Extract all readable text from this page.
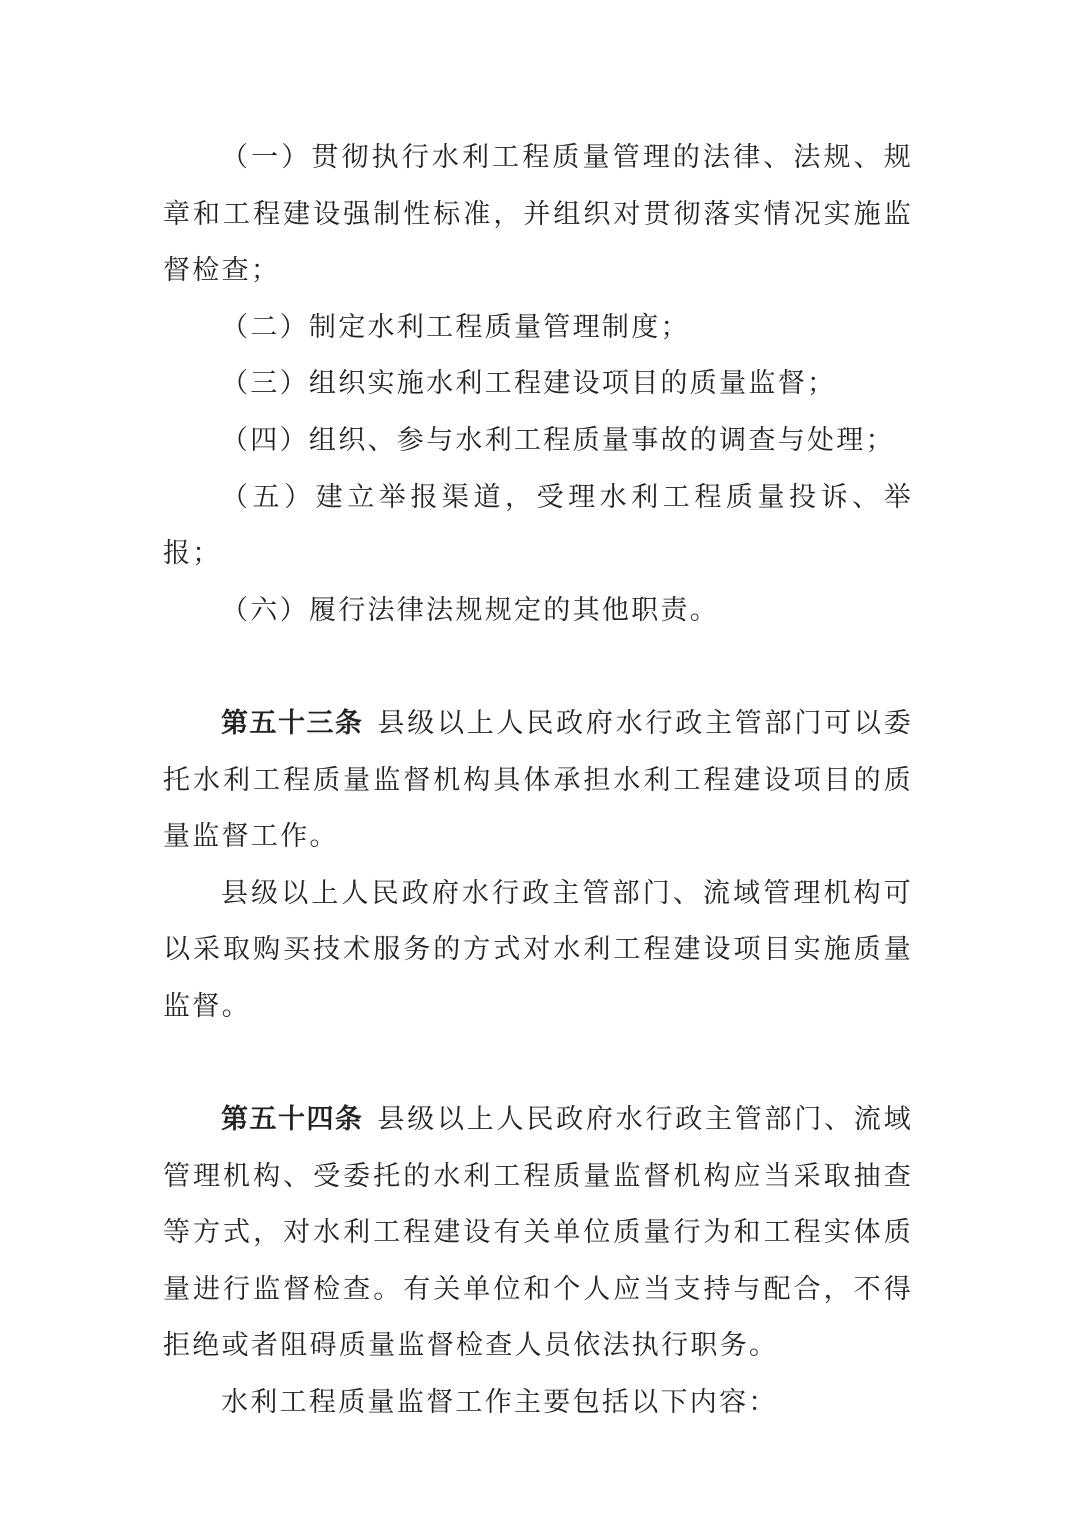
（一）贯彻执行水利工程质量管理的法律、法规、规章和工程建设强制性标准，并组织对贯彻落实情况实施监督检查；

（二）制定水利工程质量管理制度；

（三）组织实施水利工程建设项目的质量监督；

（四）组织、参与水利工程质量事故的调查与处理；

（五）建立举报渠道，受理水利工程质量投诉、举报；

（六）履行法律法规规定的其他职责。

第五十三条 县级以上人民政府水行政主管部门可以委托水利工程质量监督机构具体承担水利工程建设项目的质量监督工作。

县级以上人民政府水行政主管部门、流域管理机构可以采取购买技术服务的方式对水利工程建设项目实施质量监督。

第五十四条 县级以上人民政府水行政主管部门、流域管理机构、受委托的水利工程质量监督机构应当采取抽查等方式，对水利工程建设有关单位质量行为和工程实体质量进行监督检查。有关单位和个人应当支持与配合，不得拒绝或者阻碍质量监督检查人员依法执行职务。

水利工程质量监督工作主要包括以下内容：
